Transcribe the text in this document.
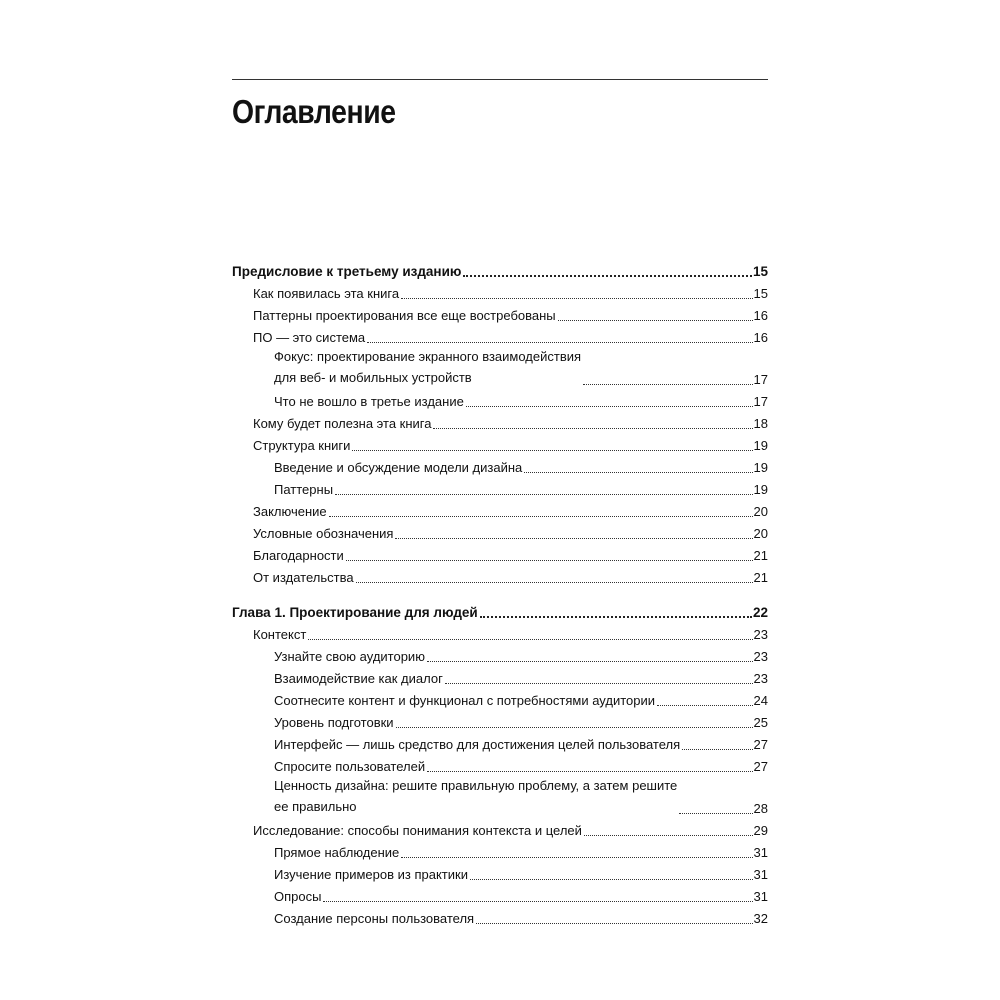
Оглавление
Предисловие к третьему изданию	15
Как появилась эта книга	15
Паттерны проектирования все еще востребованы	16
ПО — это система	16
Фокус: проектирование экранного взаимодействия
для веб- и мобильных устройств	17
Что не вошло в третье издание	17
Кому будет полезна эта книга	18
Структура книги	19
Введение и обсуждение модели дизайна	19
Паттерны	19
Заключение	20
Условные обозначения	20
Благодарности	21
От издательства	21
Глава 1. Проектирование для людей	22
Контекст	23
Узнайте свою аудиторию	23
Взаимодействие как диалог	23
Соотнесите контент и функционал с потребностями аудитории	24
Уровень подготовки	25
Интерфейс — лишь средство для достижения целей пользователя	27
Спросите пользователей	27
Ценность дизайна: решите правильную проблему, а затем решите
ее правильно	28
Исследование: способы понимания контекста и целей	29
Прямое наблюдение	31
Изучение примеров из практики	31
Опросы	31
Создание персоны пользователя	32
